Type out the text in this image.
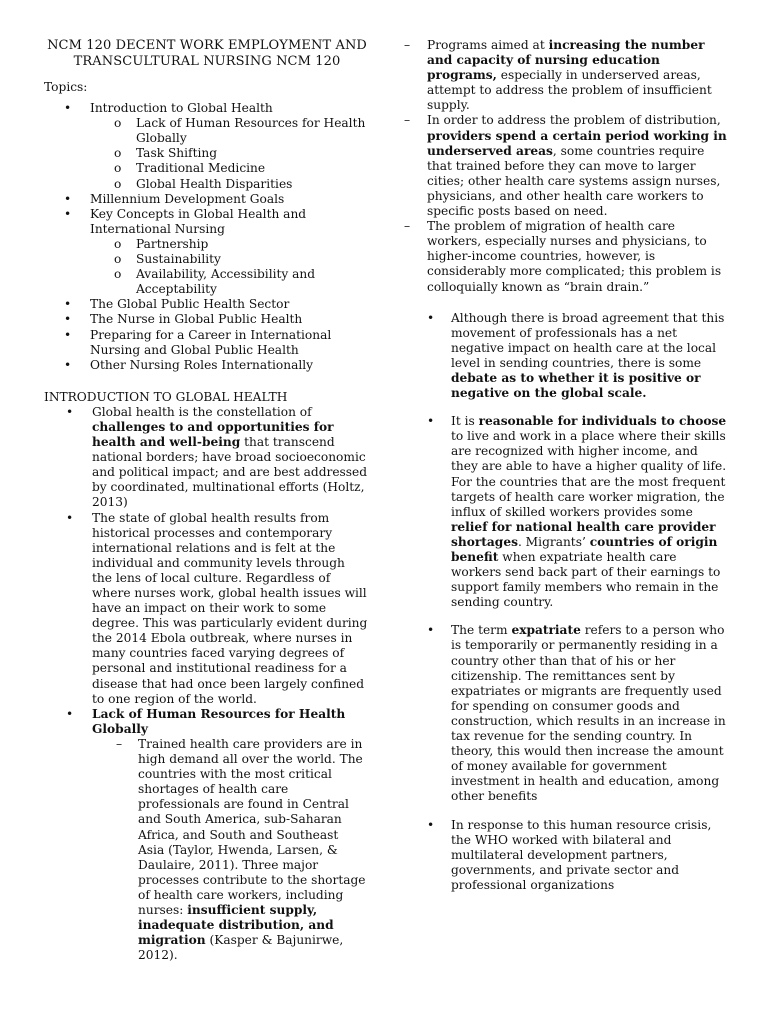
NCM 120 DECENT WORK EMPLOYMENT AND TRANSCULTURAL NURSING NCM 120
Topics:
• Introduction to Global Health
o Lack of Human Resources for Health Globally
o Task Shifting
o Traditional Medicine
o Global Health Disparities
• Millennium Development Goals
• Key Concepts in Global Health and International Nursing
o Partnership
o Sustainability
o Availability, Accessibility and Acceptability
• The Global Public Health Sector
• The Nurse in Global Public Health
• Preparing for a Career in International Nursing and Global Public Health
• Other Nursing Roles Internationally
INTRODUCTION TO GLOBAL HEALTH
• Global health is the constellation of challenges to and opportunities for health and well-being that transcend national borders; have broad socioeconomic and political impact; and are best addressed by coordinated, multinational efforts (Holtz, 2013)
• The state of global health results from historical processes and contemporary international relations and is felt at the individual and community levels through the lens of local culture. Regardless of where nurses work, global health issues will have an impact on their work to some degree. This was particularly evident during the 2014 Ebola outbreak, where nurses in many countries faced varying degrees of personal and institutional readiness for a disease that had once been largely confined to one region of the world.
• Lack of Human Resources for Health Globally
– Trained health care providers are in high demand all over the world. The countries with the most critical shortages of health care professionals are found in Central and South America, sub-Saharan Africa, and South and Southeast Asia (Taylor, Hwenda, Larsen, & Daulaire, 2011). Three major processes contribute to the shortage of health care workers, including nurses: insufficient supply, inadequate distribution, and migration (Kasper & Bajunirwe, 2012).
– Programs aimed at increasing the number and capacity of nursing education programs, especially in underserved areas, attempt to address the problem of insufficient supply.
– In order to address the problem of distribution, providers spend a certain period working in underserved areas, some countries require that trained before they can move to larger cities; other health care systems assign nurses, physicians, and other health care workers to specific posts based on need.
– The problem of migration of health care workers, especially nurses and physicians, to higher-income countries, however, is considerably more complicated; this problem is colloquially known as “brain drain.”
• Although there is broad agreement that this movement of professionals has a net negative impact on health care at the local level in sending countries, there is some debate as to whether it is positive or negative on the global scale.
• It is reasonable for individuals to choose to live and work in a place where their skills are recognized with higher income, and they are able to have a higher quality of life. For the countries that are the most frequent targets of health care worker migration, the influx of skilled workers provides some relief for national health care provider shortages. Migrants’ countries of origin benefit when expatriate health care workers send back part of their earnings to support family members who remain in the sending country.
• The term expatriate refers to a person who is temporarily or permanently residing in a country other than that of his or her citizenship. The remittances sent by expatriates or migrants are frequently used for spending on consumer goods and construction, which results in an increase in tax revenue for the sending country. In theory, this would then increase the amount of money available for government investment in health and education, among other benefits
• In response to this human resource crisis, the WHO worked with bilateral and multilateral development partners, governments, and private sector and professional organizations
